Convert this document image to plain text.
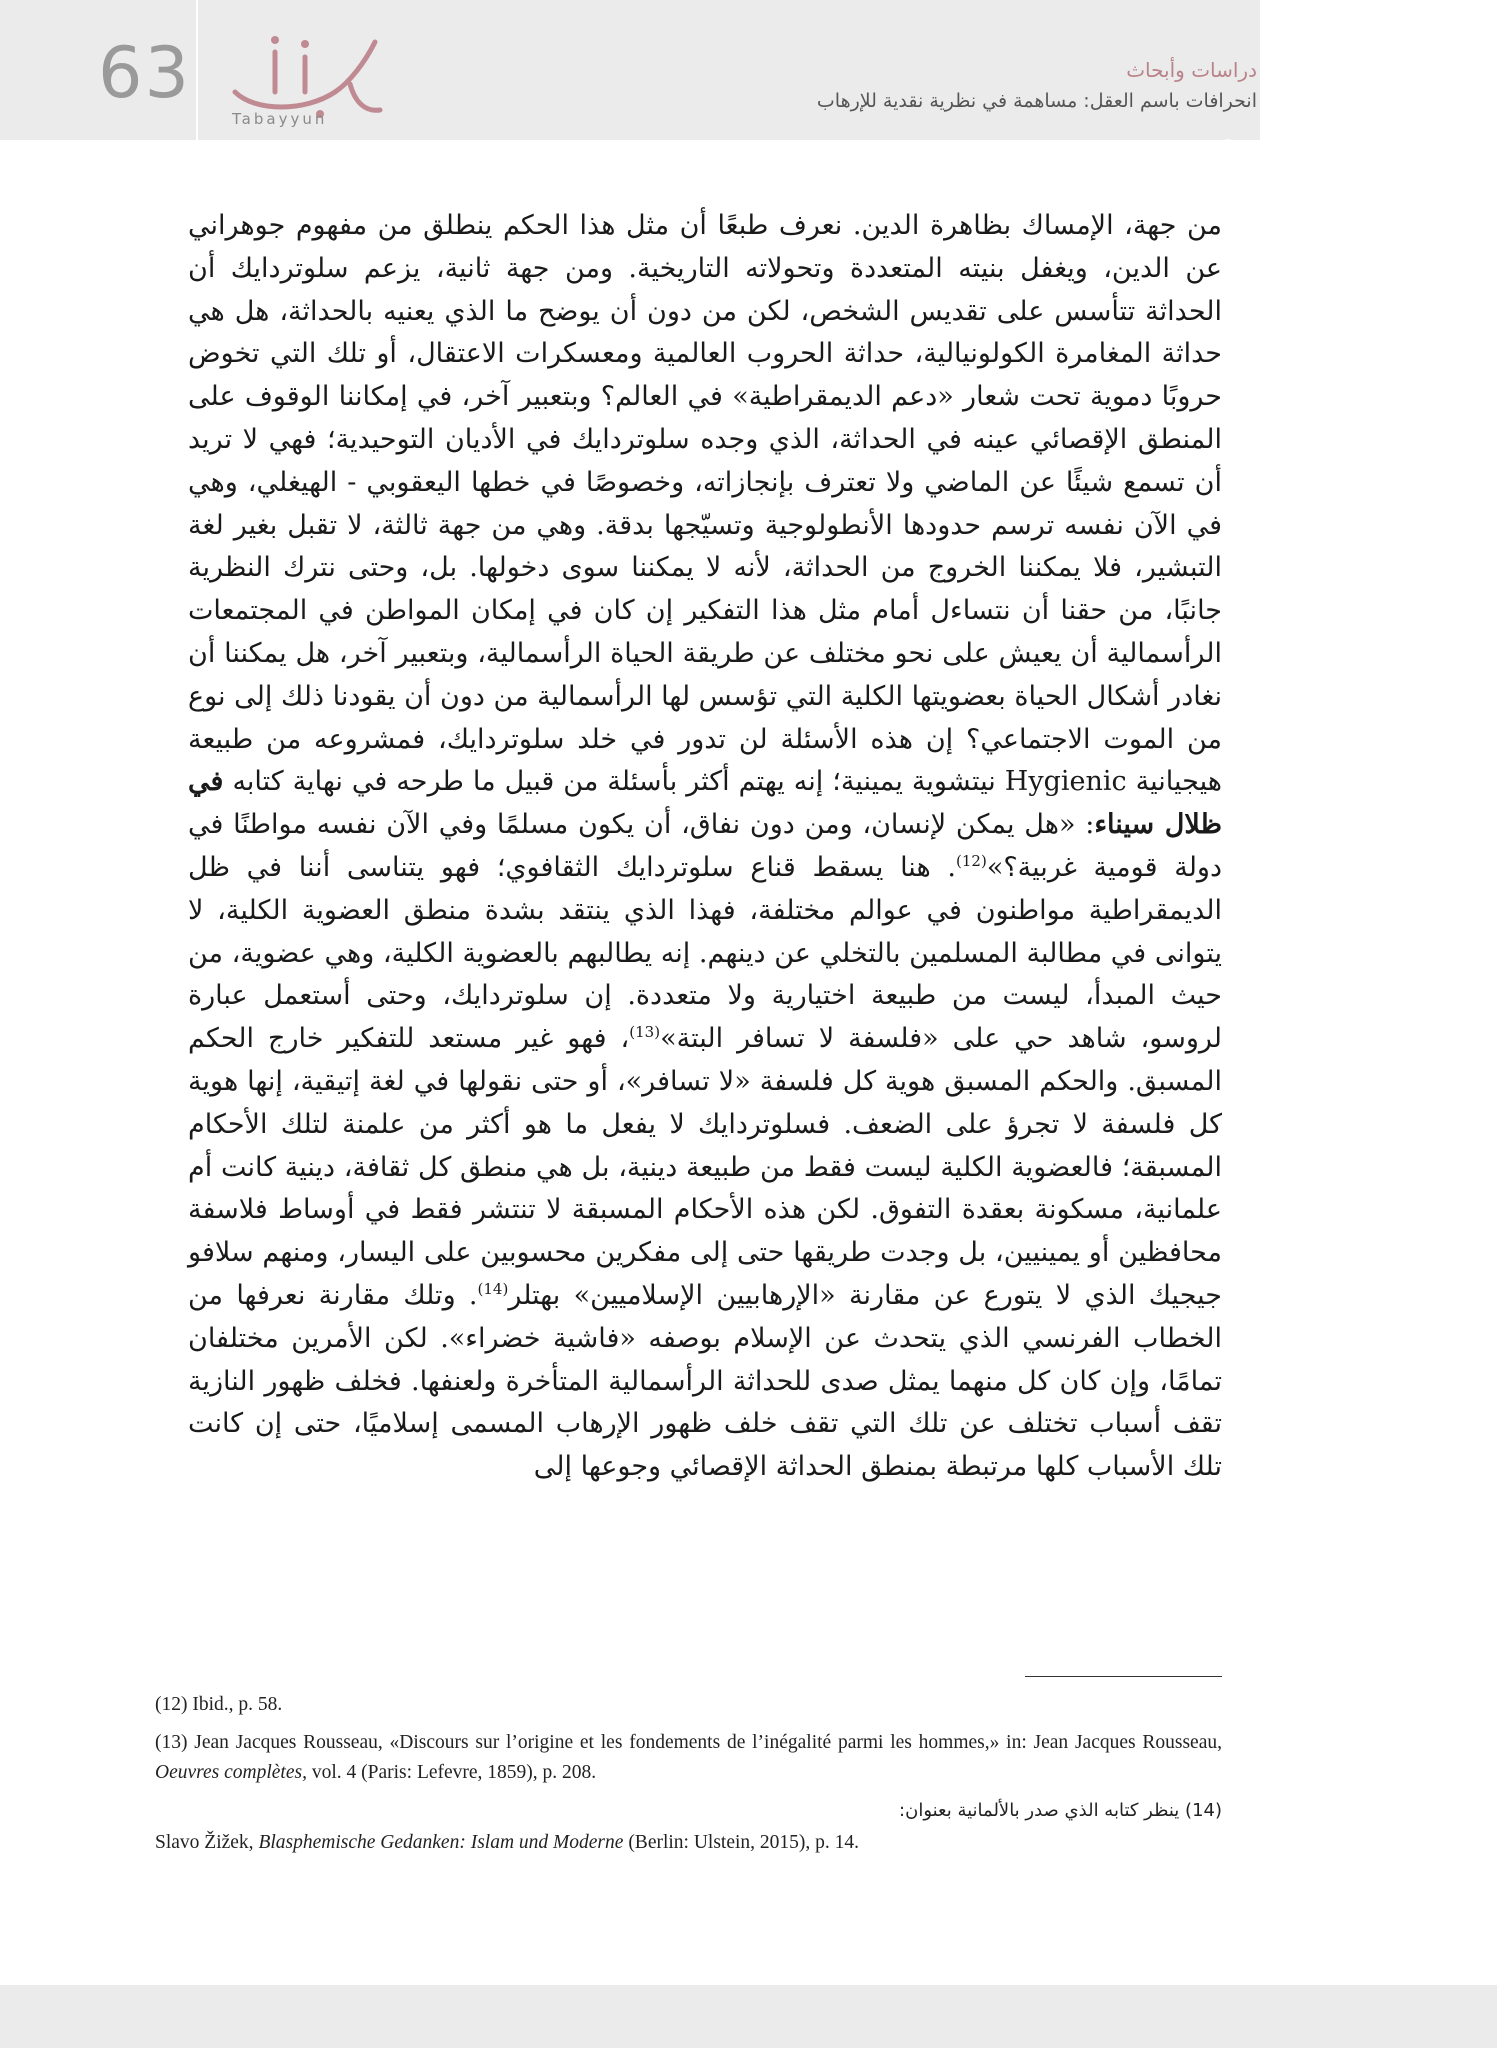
63
Tabayyun
دراسات وأبحاث
انحرافات باسم العقل: مساهمة في نظرية نقدية للإرهاب

من جهة، الإمساك بظاهرة الدين. نعرف طبعًا أن مثل هذا الحكم ينطلق من مفهوم جوهراني عن الدين، ويغفل بنيته المتعددة وتحولاته التاريخية. ومن جهة ثانية، يزعم سلوتردايك أن الحداثة تتأسس على تقديس الشخص، لكن من دون أن يوضح ما الذي يعنيه بالحداثة، هل هي حداثة المغامرة الكولونيالية، حداثة الحروب العالمية ومعسكرات الاعتقال، أو تلك التي تخوض حروبًا دموية تحت شعار «دعم الديمقراطية» في العالم؟ وبتعبير آخر، في إمكاننا الوقوف على المنطق الإقصائي عينه في الحداثة، الذي وجده سلوتردايك في الأديان التوحيدية؛ فهي لا تريد أن تسمع شيئًا عن الماضي ولا تعترف بإنجازاته، وخصوصًا في خطها اليعقوبي - الهيغلي، وهي في الآن نفسه ترسم حدودها الأنطولوجية وتسيّجها بدقة. وهي من جهة ثالثة، لا تقبل بغير لغة التبشير، فلا يمكننا الخروج من الحداثة، لأنه لا يمكننا سوى دخولها. بل، وحتى نترك النظرية جانبًا، من حقنا أن نتساءل أمام مثل هذا التفكير إن كان في إمكان المواطن في المجتمعات الرأسمالية أن يعيش على نحو مختلف عن طريقة الحياة الرأسمالية، وبتعبير آخر، هل يمكننا أن نغادر أشكال الحياة بعضويتها الكلية التي تؤسس لها الرأسمالية من دون أن يقودنا ذلك إلى نوع من الموت الاجتماعي؟ إن هذه الأسئلة لن تدور في خلد سلوتردايك، فمشروعه من طبيعة هيجيانية Hygienic نيتشوية يمينية؛ إنه يهتم أكثر بأسئلة من قبيل ما طرحه في نهاية كتابه في ظلال سيناء: «هل يمكن لإنسان، ومن دون نفاق، أن يكون مسلمًا وفي الآن نفسه مواطنًا في دولة قومية غربية؟»$^{(12)}$. هنا يسقط قناع سلوتردايك الثقافوي؛ فهو يتناسى أننا في ظل الديمقراطية مواطنون في عوالم مختلفة، فهذا الذي ينتقد بشدة منطق العضوية الكلية، لا يتوانى في مطالبة المسلمين بالتخلي عن دينهم. إنه يطالبهم بالعضوية الكلية، وهي عضوية، من حيث المبدأ، ليست من طبيعة اختيارية ولا متعددة. إن سلوتردايك، وحتى أستعمل عبارة لروسو، شاهد حي على «فلسفة لا تسافر البتة»$^{(13)}$، فهو غير مستعد للتفكير خارج الحكم المسبق. والحكم المسبق هوية كل فلسفة «لا تسافر»، أو حتى نقولها في لغة إتيقية، إنها هوية كل فلسفة لا تجرؤ على الضعف. فسلوتردايك لا يفعل ما هو أكثر من علمنة لتلك الأحكام المسبقة؛ فالعضوية الكلية ليست فقط من طبيعة دينية، بل هي منطق كل ثقافة، دينية كانت أم علمانية، مسكونة بعقدة التفوق. لكن هذه الأحكام المسبقة لا تنتشر فقط في أوساط فلاسفة محافظين أو يمينيين، بل وجدت طريقها حتى إلى مفكرين محسوبين على اليسار، ومنهم سلافو جيجيك الذي لا يتورع عن مقارنة «الإرهابيين الإسلاميين» بهتلر$^{(14)}$. وتلك مقارنة نعرفها من الخطاب الفرنسي الذي يتحدث عن الإسلام بوصفه «فاشية خضراء». لكن الأمرين مختلفان تمامًا، وإن كان كل منهما يمثل صدى للحداثة الرأسمالية المتأخرة ولعنفها. فخلف ظهور النازية تقف أسباب تختلف عن تلك التي تقف خلف ظهور الإرهاب المسمى إسلاميًا، حتى إن كانت تلك الأسباب كلها مرتبطة بمنطق الحداثة الإقصائي وجوعها إلى

(12) Ibid., p. 58.

(13) Jean Jacques Rousseau, «Discours sur l’origine et les fondements de l’inégalité parmi les hommes,» in: Jean Jacques Rousseau, Oeuvres complètes, vol. 4 (Paris: Lefevre, 1859), p. 208.

(14) ينظر كتابه الذي صدر بالألمانية بعنوان:

Slavo Žižek, Blasphemische Gedanken: Islam und Moderne (Berlin: Ulstein, 2015), p. 14.
